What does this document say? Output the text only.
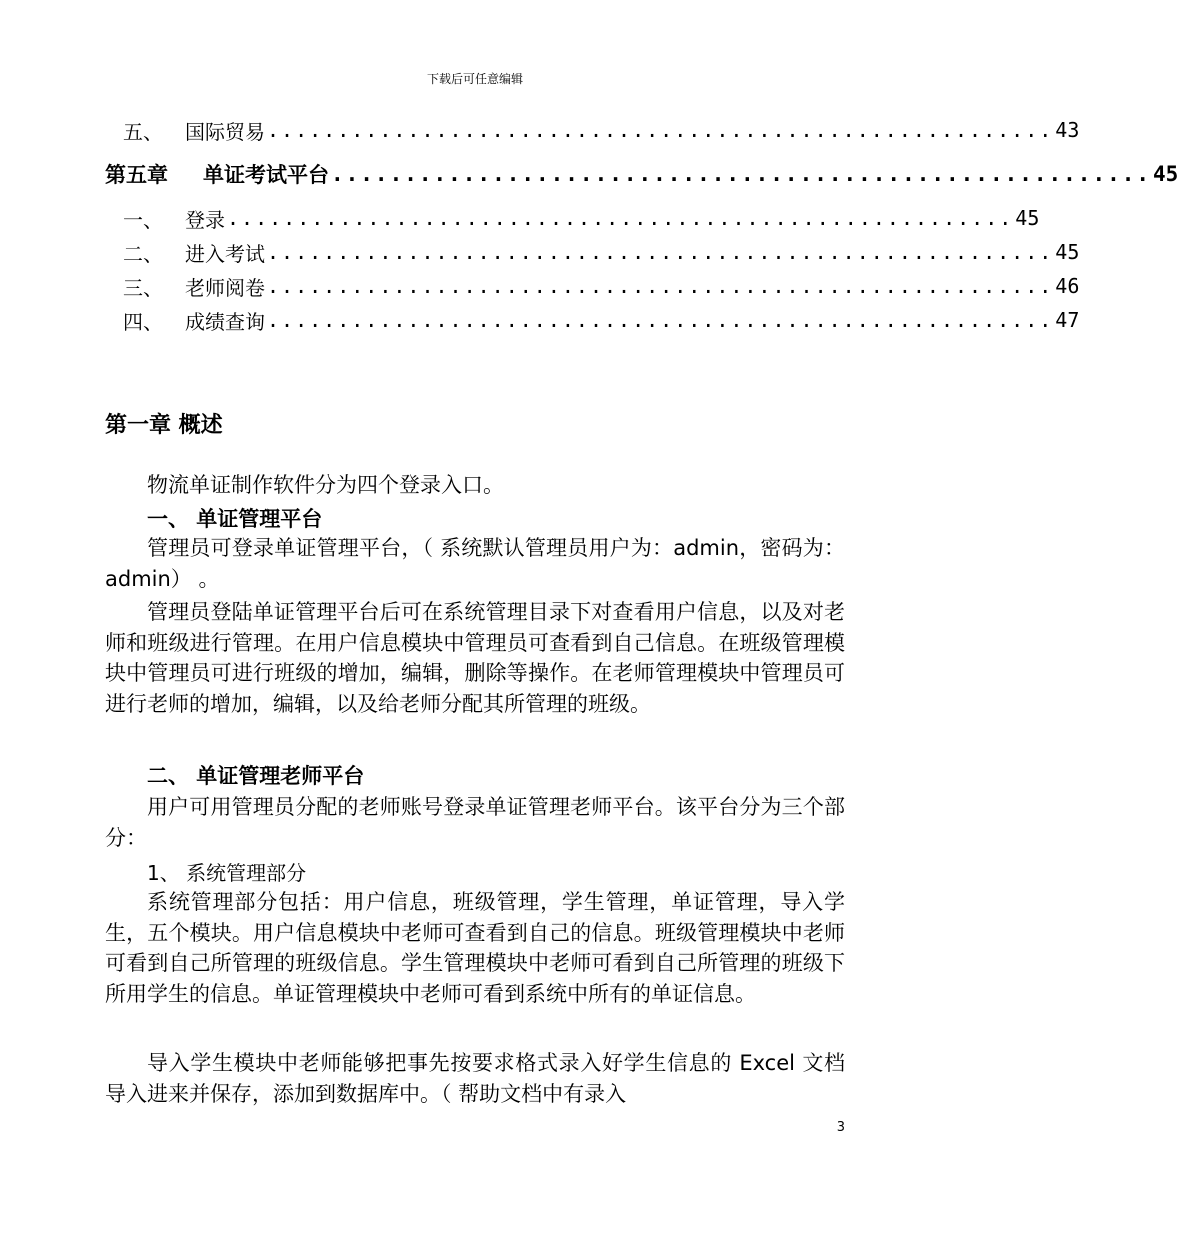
下载后可任意编辑
五、	国际贸易 ........................................................ 43
第五章	单证考试平台 ........................................................ 45
一、	登录 ........................................................ 45
二、	进入考试 ........................................................ 45
三、	老师阅卷 ........................................................ 46
四、	成绩查询 ........................................................ 47
第一章 概述

物流单证制作软件分为四个登录入口。

一、 单证管理平台

管理员可登录单证管理平台，（ 系统默认管理员用户为：admin，密码为：admin） 。

管理员登陆单证管理平台后可在系统管理目录下对查看用户信息，以及对老师和班级进行管理。在用户信息模块中管理员可查看到自己信息。在班级管理模块中管理员可进行班级的增加，编辑，删除等操作。在老师管理模块中管理员可进行老师的增加，编辑，以及给老师分配其所管理的班级。

二、 单证管理老师平台

用户可用管理员分配的老师账号登录单证管理老师平台。该平台分为三个部分：

1、 系统管理部分

系统管理部分包括：用户信息，班级管理，学生管理，单证管理，导入学生，五个模块。用户信息模块中老师可查看到自己的信息。班级管理模块中老师可看到自己所管理的班级信息。学生管理模块中老师可看到自己所管理的班级下所用学生的信息。单证管理模块中老师可看到系统中所有的单证信息。

导入学生模块中老师能够把事先按要求格式录入好学生信息的 Excel 文档导入进来并保存，添加到数据库中。（ 帮助文档中有录入

3
